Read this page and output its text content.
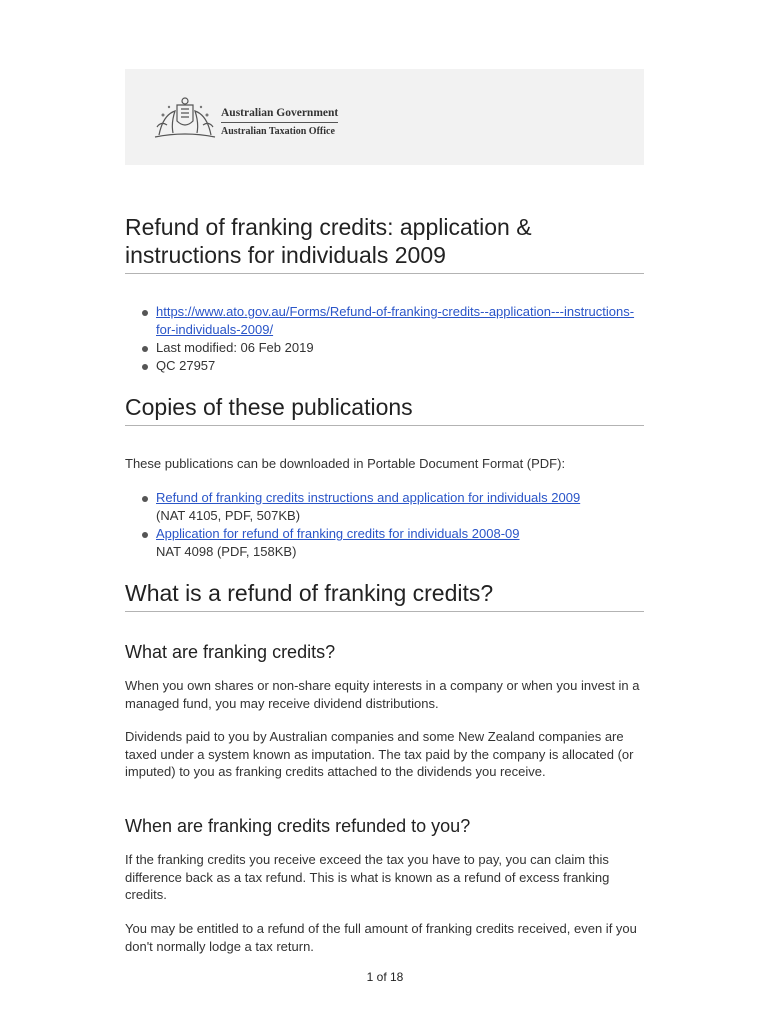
Australian Government
Australian Taxation Office
Refund of franking credits: application & instructions for individuals 2009
https://www.ato.gov.au/Forms/Refund-of-franking-credits--application---instructions-for-individuals-2009/
Last modified: 06 Feb 2019
QC 27957
Copies of these publications

These publications can be downloaded in Portable Document Format (PDF):

Refund of franking credits instructions and application for individuals 2009
(NAT 4105, PDF, 507KB)
Application for refund of franking credits for individuals 2008-09
NAT 4098 (PDF, 158KB)
What is a refund of franking credits?
What are franking credits?

When you own shares or non-share equity interests in a company or when you invest in a managed fund, you may receive dividend distributions.

Dividends paid to you by Australian companies and some New Zealand companies are taxed under a system known as imputation. The tax paid by the company is allocated (or imputed) to you as franking credits attached to the dividends you receive.

When are franking credits refunded to you?

If the franking credits you receive exceed the tax you have to pay, you can claim this difference back as a tax refund. This is what is known as a refund of excess franking credits.

You may be entitled to a refund of the full amount of franking credits received, even if you don't normally lodge a tax return.

1 of 18
